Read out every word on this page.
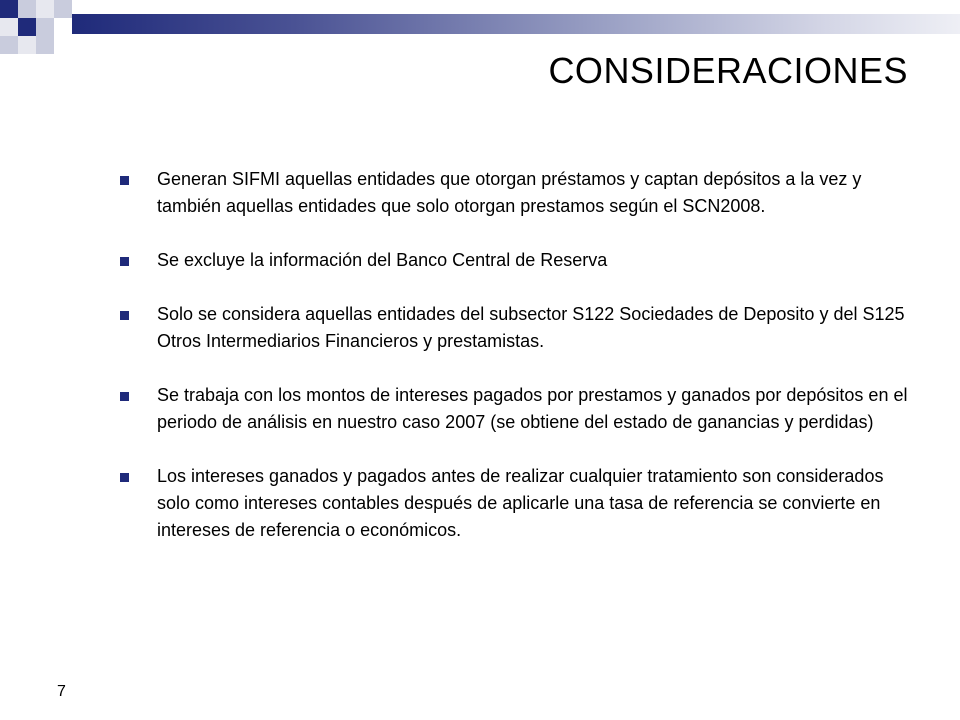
CONSIDERACIONES
Generan SIFMI aquellas entidades que otorgan préstamos y captan depósitos a la vez y también aquellas entidades que solo otorgan prestamos según el SCN2008.
Se excluye la información del Banco Central de Reserva
Solo se considera aquellas entidades del subsector S122 Sociedades de Deposito y del S125 Otros Intermediarios Financieros y prestamistas.
Se trabaja con los montos de intereses pagados por prestamos y ganados por depósitos en el periodo de análisis en nuestro caso 2007 (se obtiene del estado de ganancias y perdidas)
Los intereses ganados y pagados antes de realizar cualquier tratamiento son considerados solo como intereses contables después de aplicarle una tasa de referencia se convierte en intereses de referencia o económicos.
7
